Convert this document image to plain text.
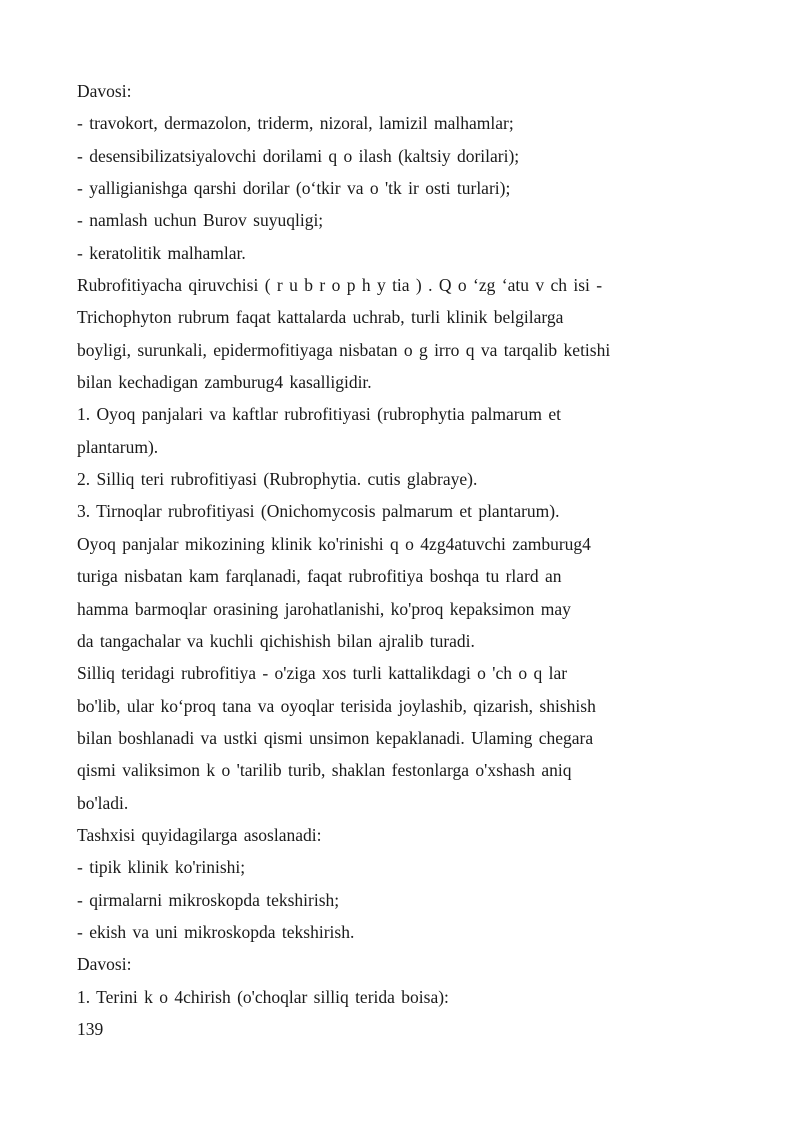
Davosi:
- travokort, dermazolon, triderm, nizoral, lamizil malhamlar;
- desensibilizatsiyalovchi dorilami q o ilash (kaltsiy dorilari);
- yalligianishga qarshi dorilar (o‘tkir va o 'tk ir osti turlari);
- namlash uchun Burov suyuqligi;
- keratolitik malhamlar.
Rubrofitiyacha qiruvchisi ( r u b r o p h y tia ) . Q o ‘zg ‘atu v ch isi -
Trichophyton rubrum faqat kattalarda uchrab, turli klinik belgilarga
boyligi, surunkali, epidermofitiyaga nisbatan o g irro q va tarqalib ketishi
bilan kechadigan zamburug4 kasalligidir.
1. Oyoq panjalari va kaftlar rubrofitiyasi (rubrophytia palmarum et
plantarum).
2. Silliq teri rubrofitiyasi (Rubrophytia. cutis glabraye).
3. Tirnoqlar rubrofitiyasi (Onichomycosis palmarum et plantarum).
Oyoq panjalar mikozining klinik ko'rinishi q o 4zg4atuvchi zamburug4
turiga nisbatan kam farqlanadi, faqat rubrofitiya boshqa tu rlard an
hamma barmoqlar orasining jarohatlanishi, ko'proq kepaksimon may
da tangachalar va kuchli qichishish bilan ajralib turadi.
Silliq teridagi rubrofitiya - o'ziga xos turli kattalikdagi o 'ch o q lar
bo'lib, ular ko‘proq tana va oyoqlar terisida joylashib, qizarish, shishish
bilan boshlanadi va ustki qismi unsimon kepaklanadi. Ulaming chegara
qismi valiksimon k o 'tarilib turib, shaklan festonlarga o'xshash aniq
bo'ladi.
Tashxisi quyidagilarga asoslanadi:
- tipik klinik ko'rinishi;
- qirmalarni mikroskopda tekshirish;
- ekish va uni mikroskopda tekshirish.
Davosi:
1. Terini k o 4chirish (o'choqlar silliq terida boisa):
139
